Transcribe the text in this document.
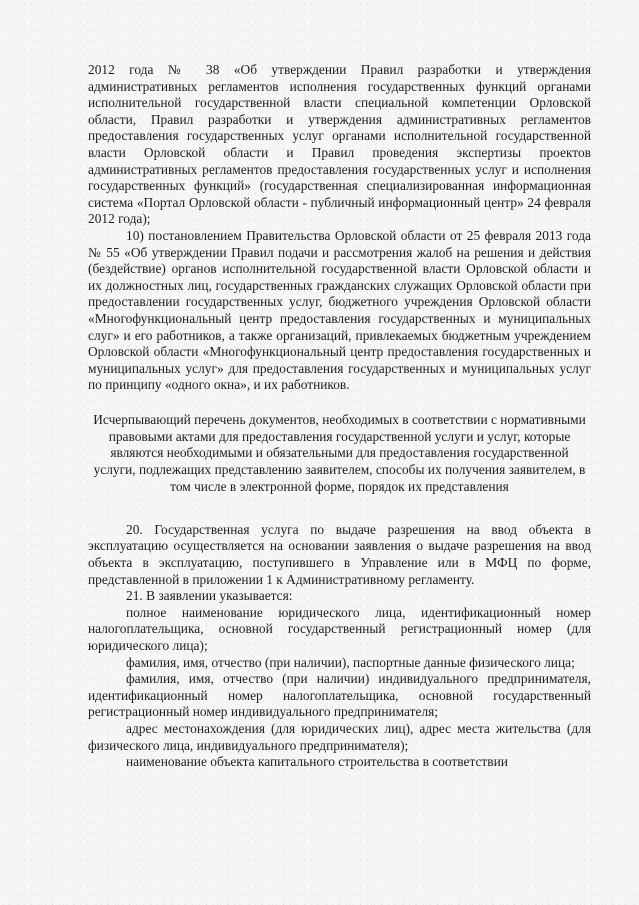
2012 года № 38 «Об утверждении Правил разработки и утверждения административных регламентов исполнения государственных функций органами исполнительной государственной власти специальной компетенции Орловской области, Правил разработки и утверждения административных регламентов предоставления государственных услуг органами исполнительной государственной власти Орловской области и Правил проведения экспертизы проектов административных регламентов предоставления государственных услуг и исполнения государственных функций» (государственная специализированная информационная система «Портал Орловской области - публичный информационный центр» 24 февраля 2012 года);

10) постановлением Правительства Орловской области от 25 февраля 2013 года № 55 «Об утверждении Правил подачи и рассмотрения жалоб на решения и действия (бездействие) органов исполнительной государственной власти Орловской области и их должностных лиц, государственных гражданских служащих Орловской области при предоставлении государственных услуг, бюджетного учреждения Орловской области «Многофункциональный центр предоставления государственных и муниципальных слуг» и его работников, а также организаций, привлекаемых бюджетным учреждением Орловской области «Многофункциональный центр предоставления государственных и муниципальных услуг» для предоставления государственных и муниципальных услуг по принципу «одного окна», и их работников.

Исчерпывающий перечень документов, необходимых в соответствии с нормативными правовыми актами для предоставления государственной услуги и услуг, которые являются необходимыми и обязательными для предоставления государственной услуги, подлежащих представлению заявителем, способы их получения заявителем, в том числе в электронной форме, порядок их представления

20. Государственная услуга по выдаче разрешения на ввод объекта в эксплуатацию осуществляется на основании заявления о выдаче разрешения на ввод объекта в эксплуатацию, поступившего в Управление или в МФЦ по форме, представленной в приложении 1 к Административному регламенту.

21. В заявлении указывается:

полное наименование юридического лица, идентификационный номер налогоплательщика, основной государственный регистрационный номер (для юридического лица);

фамилия, имя, отчество (при наличии), паспортные данные физического лица;

фамилия, имя, отчество (при наличии) индивидуального предпринимателя, идентификационный номер налогоплательщика, основной государственный регистрационный номер индивидуального предпринимателя;

адрес местонахождения (для юридических лиц), адрес места жительства (для физического лица, индивидуального предпринимателя);

наименование объекта капитального строительства в соответствии
